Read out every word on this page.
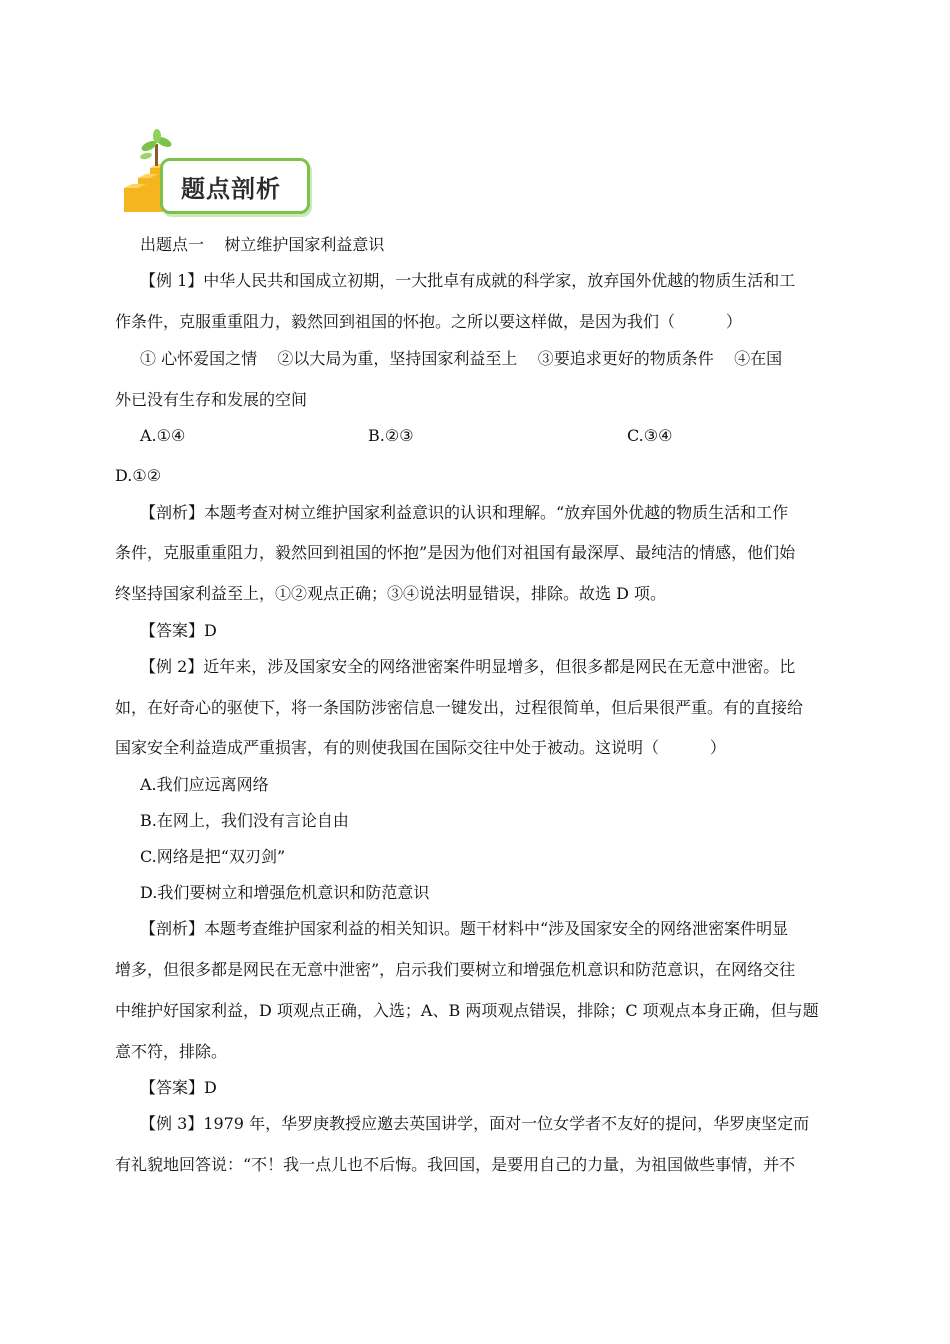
题点剖析
出题点一    树立维护国家利益意识
【例 1】中华人民共和国成立初期，一大批卓有成就的科学家，放弃国外优越的物质生活和工
作条件，克服重重阻力，毅然回到祖国的怀抱。之所以要这样做，是因为我们（          ）
① 心怀爱国之情    ②以大局为重，坚持国家利益至上    ③要追求更好的物质条件    ④在国
外已没有生存和发展的空间
A.①④	B.②③	C.③④
D.①②
【剖析】本题考查对树立维护国家利益意识的认识和理解。“放弃国外优越的物质生活和工作
条件，克服重重阻力，毅然回到祖国的怀抱”是因为他们对祖国有最深厚、最纯洁的情感，他们始
终坚持国家利益至上，①②观点正确；③④说法明显错误，排除。故选 D 项。
【答案】D
【例 2】近年来，涉及国家安全的网络泄密案件明显增多，但很多都是网民在无意中泄密。比
如，在好奇心的驱使下，将一条国防涉密信息一键发出，过程很简单，但后果很严重。有的直接给
国家安全利益造成严重损害，有的则使我国在国际交往中处于被动。这说明（          ）
A.我们应远离网络
B.在网上，我们没有言论自由
C.网络是把“双刃剑”
D.我们要树立和增强危机意识和防范意识
【剖析】本题考查维护国家利益的相关知识。题干材料中“涉及国家安全的网络泄密案件明显
增多，但很多都是网民在无意中泄密”，启示我们要树立和增强危机意识和防范意识，在网络交往
中维护好国家利益，D 项观点正确，入选；A、B 两项观点错误，排除；C 项观点本身正确，但与题
意不符，排除。
【答案】D
【例 3】1979 年，华罗庚教授应邀去英国讲学，面对一位女学者不友好的提问，华罗庚坚定而
有礼貌地回答说：“不！我一点儿也不后悔。我回国，是要用自己的力量，为祖国做些事情，并不
